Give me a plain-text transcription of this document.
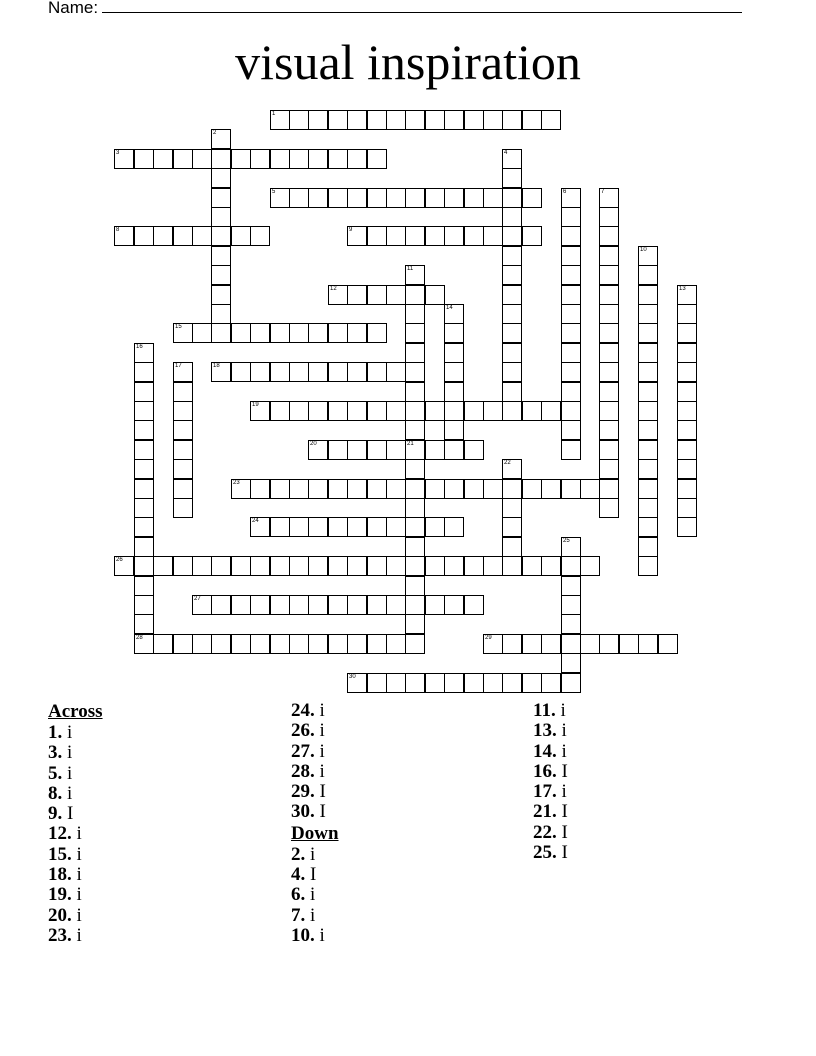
Name:
visual inspiration
1
2
3	4
5	6	7
8	9
10
11
21
12	13
14
15
16
28
17	18
19
20
22
23
24
25
26
27
29
30
Across
1. i
3. i
5. i
8. i
9. I
12. i
15. i
18. i
19. i
20. i
23. i
24. i
26. i
27. i
28. i
29. I
30. I
Down
2. i
4. I
6. i
7. i
10. i
11. i
13. i
14. i
16. I
17. i
21. I
22. I
25. I
